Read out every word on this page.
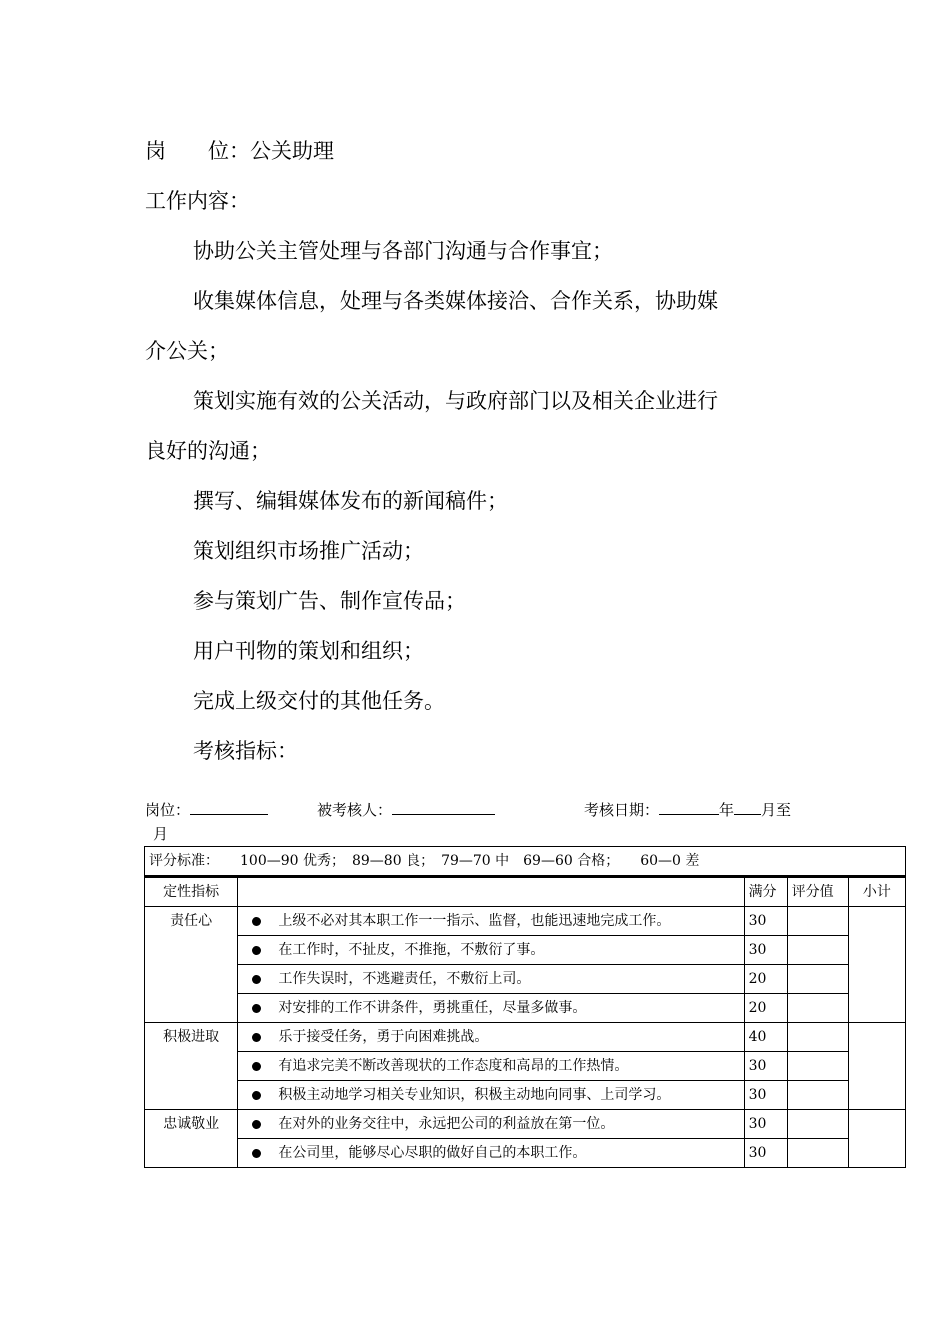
岗 位：公关助理
工作内容：
协助公关主管处理与各部门沟通与合作事宜；
收集媒体信息，处理与各类媒体接洽、合作关系，协助媒
介公关；
策划实施有效的公关活动，与政府部门以及相关企业进行
良好的沟通；
撰写、编辑媒体发布的新闻稿件；
策划组织市场推广活动；
参与策划广告、制作宣传品；
用户刊物的策划和组织；
完成上级交付的其他任务。
考核指标：
岗位：	被考核人：	考核日期：	年 月至
月
评分标准：　　100—90 优秀；　89—80 良；　79—70 中　69—60 合格；　　60—0 差					
定性指标			满分	评分值	小计
责任心		上级不必对其本职工作一一指示、监督，也能迅速地完成工作。	30		
		在工作时，不扯皮，不推拖，不敷衍了事。	30		
		工作失误时，不逃避责任，不敷衍上司。	20		
		对安排的工作不讲条件，勇挑重任，尽量多做事。	20		
积极进取		乐于接受任务，勇于向困难挑战。	40		
		有追求完美不断改善现状的工作态度和高昂的工作热情。	30		
		积极主动地学习相关专业知识，积极主动地向同事、上司学习。	30		
忠诚敬业		在对外的业务交往中，永远把公司的利益放在第一位。	30		
		在公司里，能够尽心尽职的做好自己的本职工作。	30		
